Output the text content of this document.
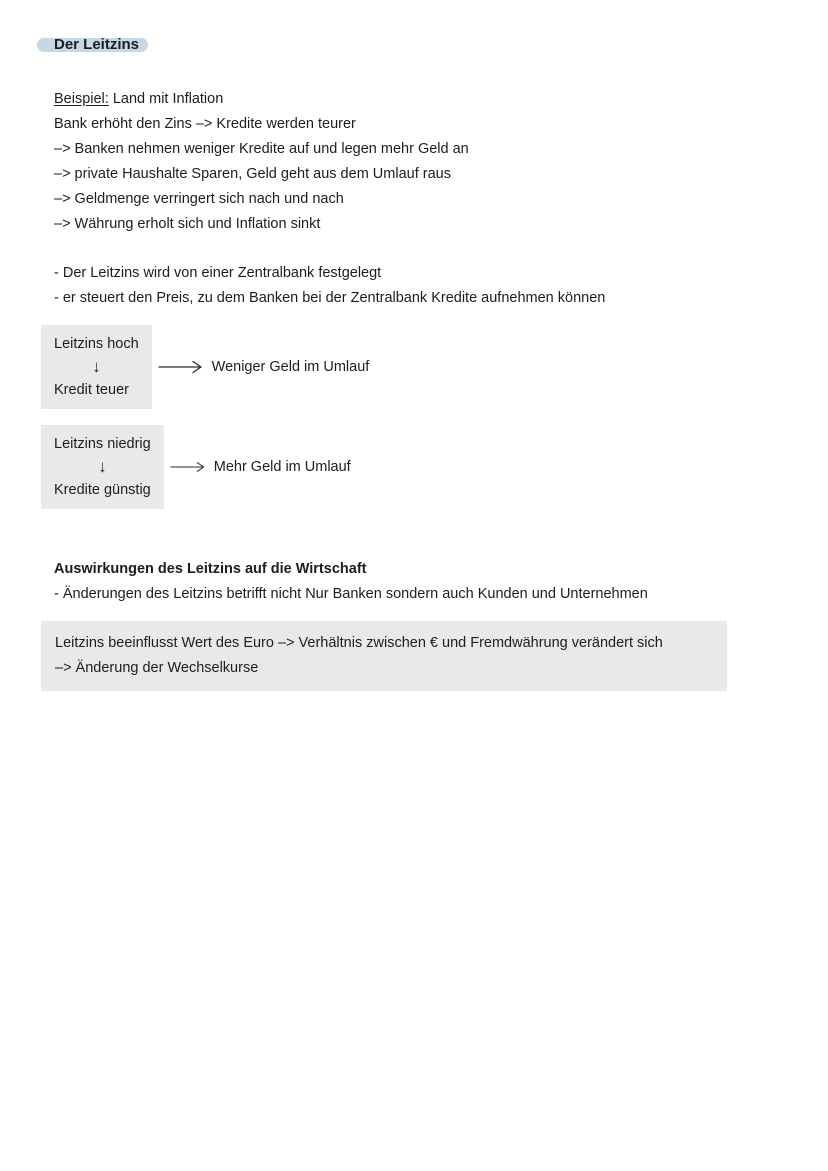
Der Leitzins

Beispiel: Land mit Inflation

Bank erhöht den Zins –> Kredite werden teurer

–> Banken nehmen weniger Kredite auf und legen mehr Geld an

–> private Haushalte Sparen, Geld geht aus dem Umlauf raus

–> Geldmenge verringert sich nach und nach

–> Währung erholt sich und Inflation sinkt

- Der Leitzins wird von einer Zentralbank festgelegt

- er steuert den Preis, zu dem Banken bei der Zentralbank Kredite aufnehmen können

Leitzins hoch
↓
Kredit teuer
Weniger Geld im Umlauf
Leitzins niedrig
↓
Kredite günstig
Mehr Geld im Umlauf
Auswirkungen des Leitzins auf die Wirtschaft

- Änderungen des Leitzins betrifft nicht Nur Banken sondern auch Kunden und Unternehmen

Leitzins beeinflusst Wert des Euro –> Verhältnis zwischen € und Fremdwährung verändert sich

–> Änderung der Wechselkurse
